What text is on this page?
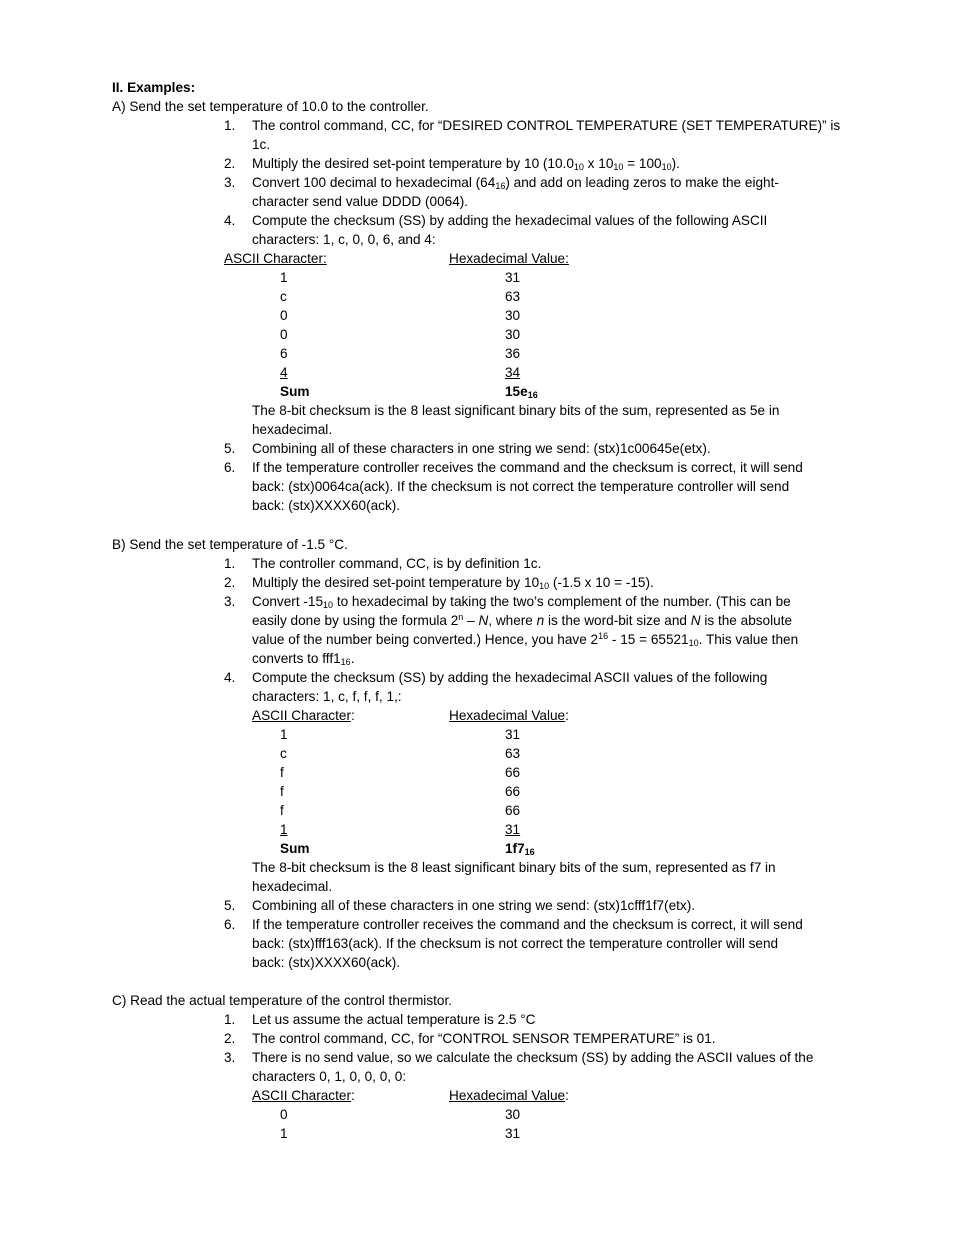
II. Examples:
A) Send the set temperature of 10.0 to the controller.
1. The control command, CC, for “DESIRED CONTROL TEMPERATURE (SET TEMPERATURE)” is
1c.
2. Multiply the desired set-point temperature by 10 ($10.0_{10}$ x $10_{10} = 100_{10}$).
3. Convert 100 decimal to hexadecimal $(64_{16})$ and add on leading zeros to make the eight-
character send value DDDD (0064).
4. Compute the checksum (SS) by adding the hexadecimal values of the following ASCII
characters: 1, c, 0, 0, 6, and 4:
ASCII Character:	Hexadecimal Value:
1	31
c	63
0	30
0	30
6	36
4	34
Sum	$15e_{16}$
The 8-bit checksum is the 8 least significant binary bits of the sum, represented as 5e in
hexadecimal.
5. Combining all of these characters in one string we send: (stx)1c00645e(etx).
6. If the temperature controller receives the command and the checksum is correct, it will send
back: (stx)0064ca(ack). If the checksum is not correct the temperature controller will send
back: (stx)XXXX60(ack).
B) Send the set temperature of -1.5 °C.
1. The controller command, CC, is by definition 1c.
2. Multiply the desired set-point temperature by $10_{10}$ (-1.5 x 10 = -15).
3. Convert $-15_{10}$ to hexadecimal by taking the two’s complement of the number. (This can be
easily done by using the formula 2$^n$ – N, where n is the word-bit size and N is the absolute
value of the number being converted.) Hence, you have $2^{16} - 15 = 65521_{10}$. This value then
converts to $fff1_{16}$.
4. Compute the checksum (SS) by adding the hexadecimal ASCII values of the following
characters: 1, c, f, f, f, 1,:
ASCII Character:	Hexadecimal Value:
1	31
c	63
f	66
f	66
f	66
1	31
Sum	$1f7_{16}$
The 8-bit checksum is the 8 least significant binary bits of the sum, represented as f7 in
hexadecimal.
5. Combining all of these characters in one string we send: (stx)1cfff1f7(etx).
6. If the temperature controller receives the command and the checksum is correct, it will send
back: (stx)fff163(ack). If the checksum is not correct the temperature controller will send
back: (stx)XXXX60(ack).
C) Read the actual temperature of the control thermistor.
1. Let us assume the actual temperature is 2.5 °C
2. The control command, CC, for “CONTROL SENSOR TEMPERATURE” is 01.
3. There is no send value, so we calculate the checksum (SS) by adding the ASCII values of the
characters 0, 1, 0, 0, 0, 0:
ASCII Character:	Hexadecimal Value:
0	30
1	31
